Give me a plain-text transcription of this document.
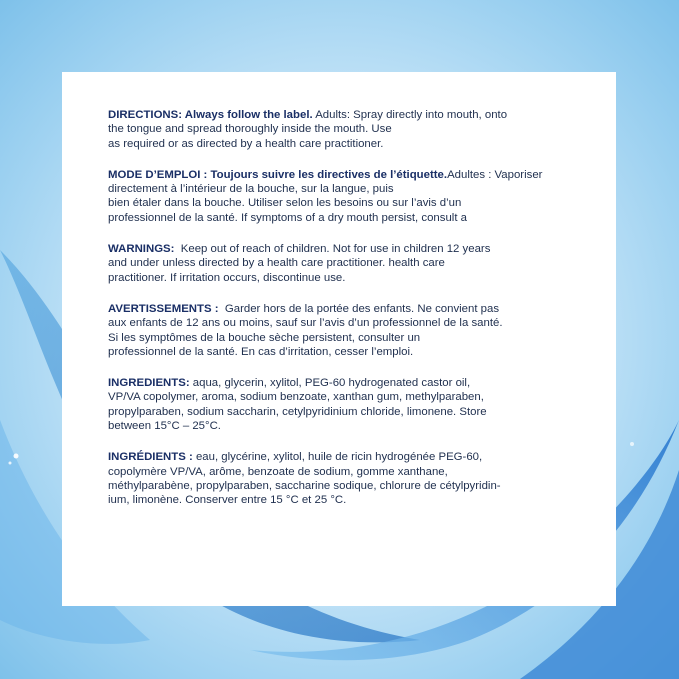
DIRECTIONS: Always follow the label. Adults: Spray directly into mouth, onto

the tongue and spread thoroughly inside the mouth. Use

as required or as directed by a health care practitioner.

MODE D’EMPLOI : Toujours suivre les directives de l’étiquette.Adultes : Vaporiser directement à l’intérieur de la bouche, sur la langue, puis

bien étaler dans la bouche. Utiliser selon les besoins ou sur l’avis d’un

professionnel de la santé. If symptoms of a dry mouth persist, consult a

WARNINGS:  Keep out of reach of children. Not for use in children 12 years

and under unless directed by a health care practitioner. health care

practitioner. If irritation occurs, discontinue use.

AVERTISSEMENTS :  Garder hors de la portée des enfants. Ne convient pas

aux enfants de 12 ans ou moins, sauf sur l’avis d’un professionnel de la santé.

Si les symptômes de la bouche sèche persistent, consulter un

professionnel de la santé. En cas d’irritation, cesser l’emploi.

INGREDIENTS: aqua, glycerin, xylitol, PEG-60 hydrogenated castor oil,

VP/VA copolymer, aroma, sodium benzoate, xanthan gum, methylparaben,

propylparaben, sodium saccharin, cetylpyridinium chloride, limonene. Store

between 15°C – 25°C.

INGRÉDIENTS : eau, glycérine, xylitol, huile de ricin hydrogénée PEG-60,

copolymère VP/VA, arôme, benzoate de sodium, gomme xanthane,

méthylparabène, propylparaben, saccharine sodique, chlorure de cétylpyridin-

ium, limonène. Conserver entre 15 °C et 25 °C.
